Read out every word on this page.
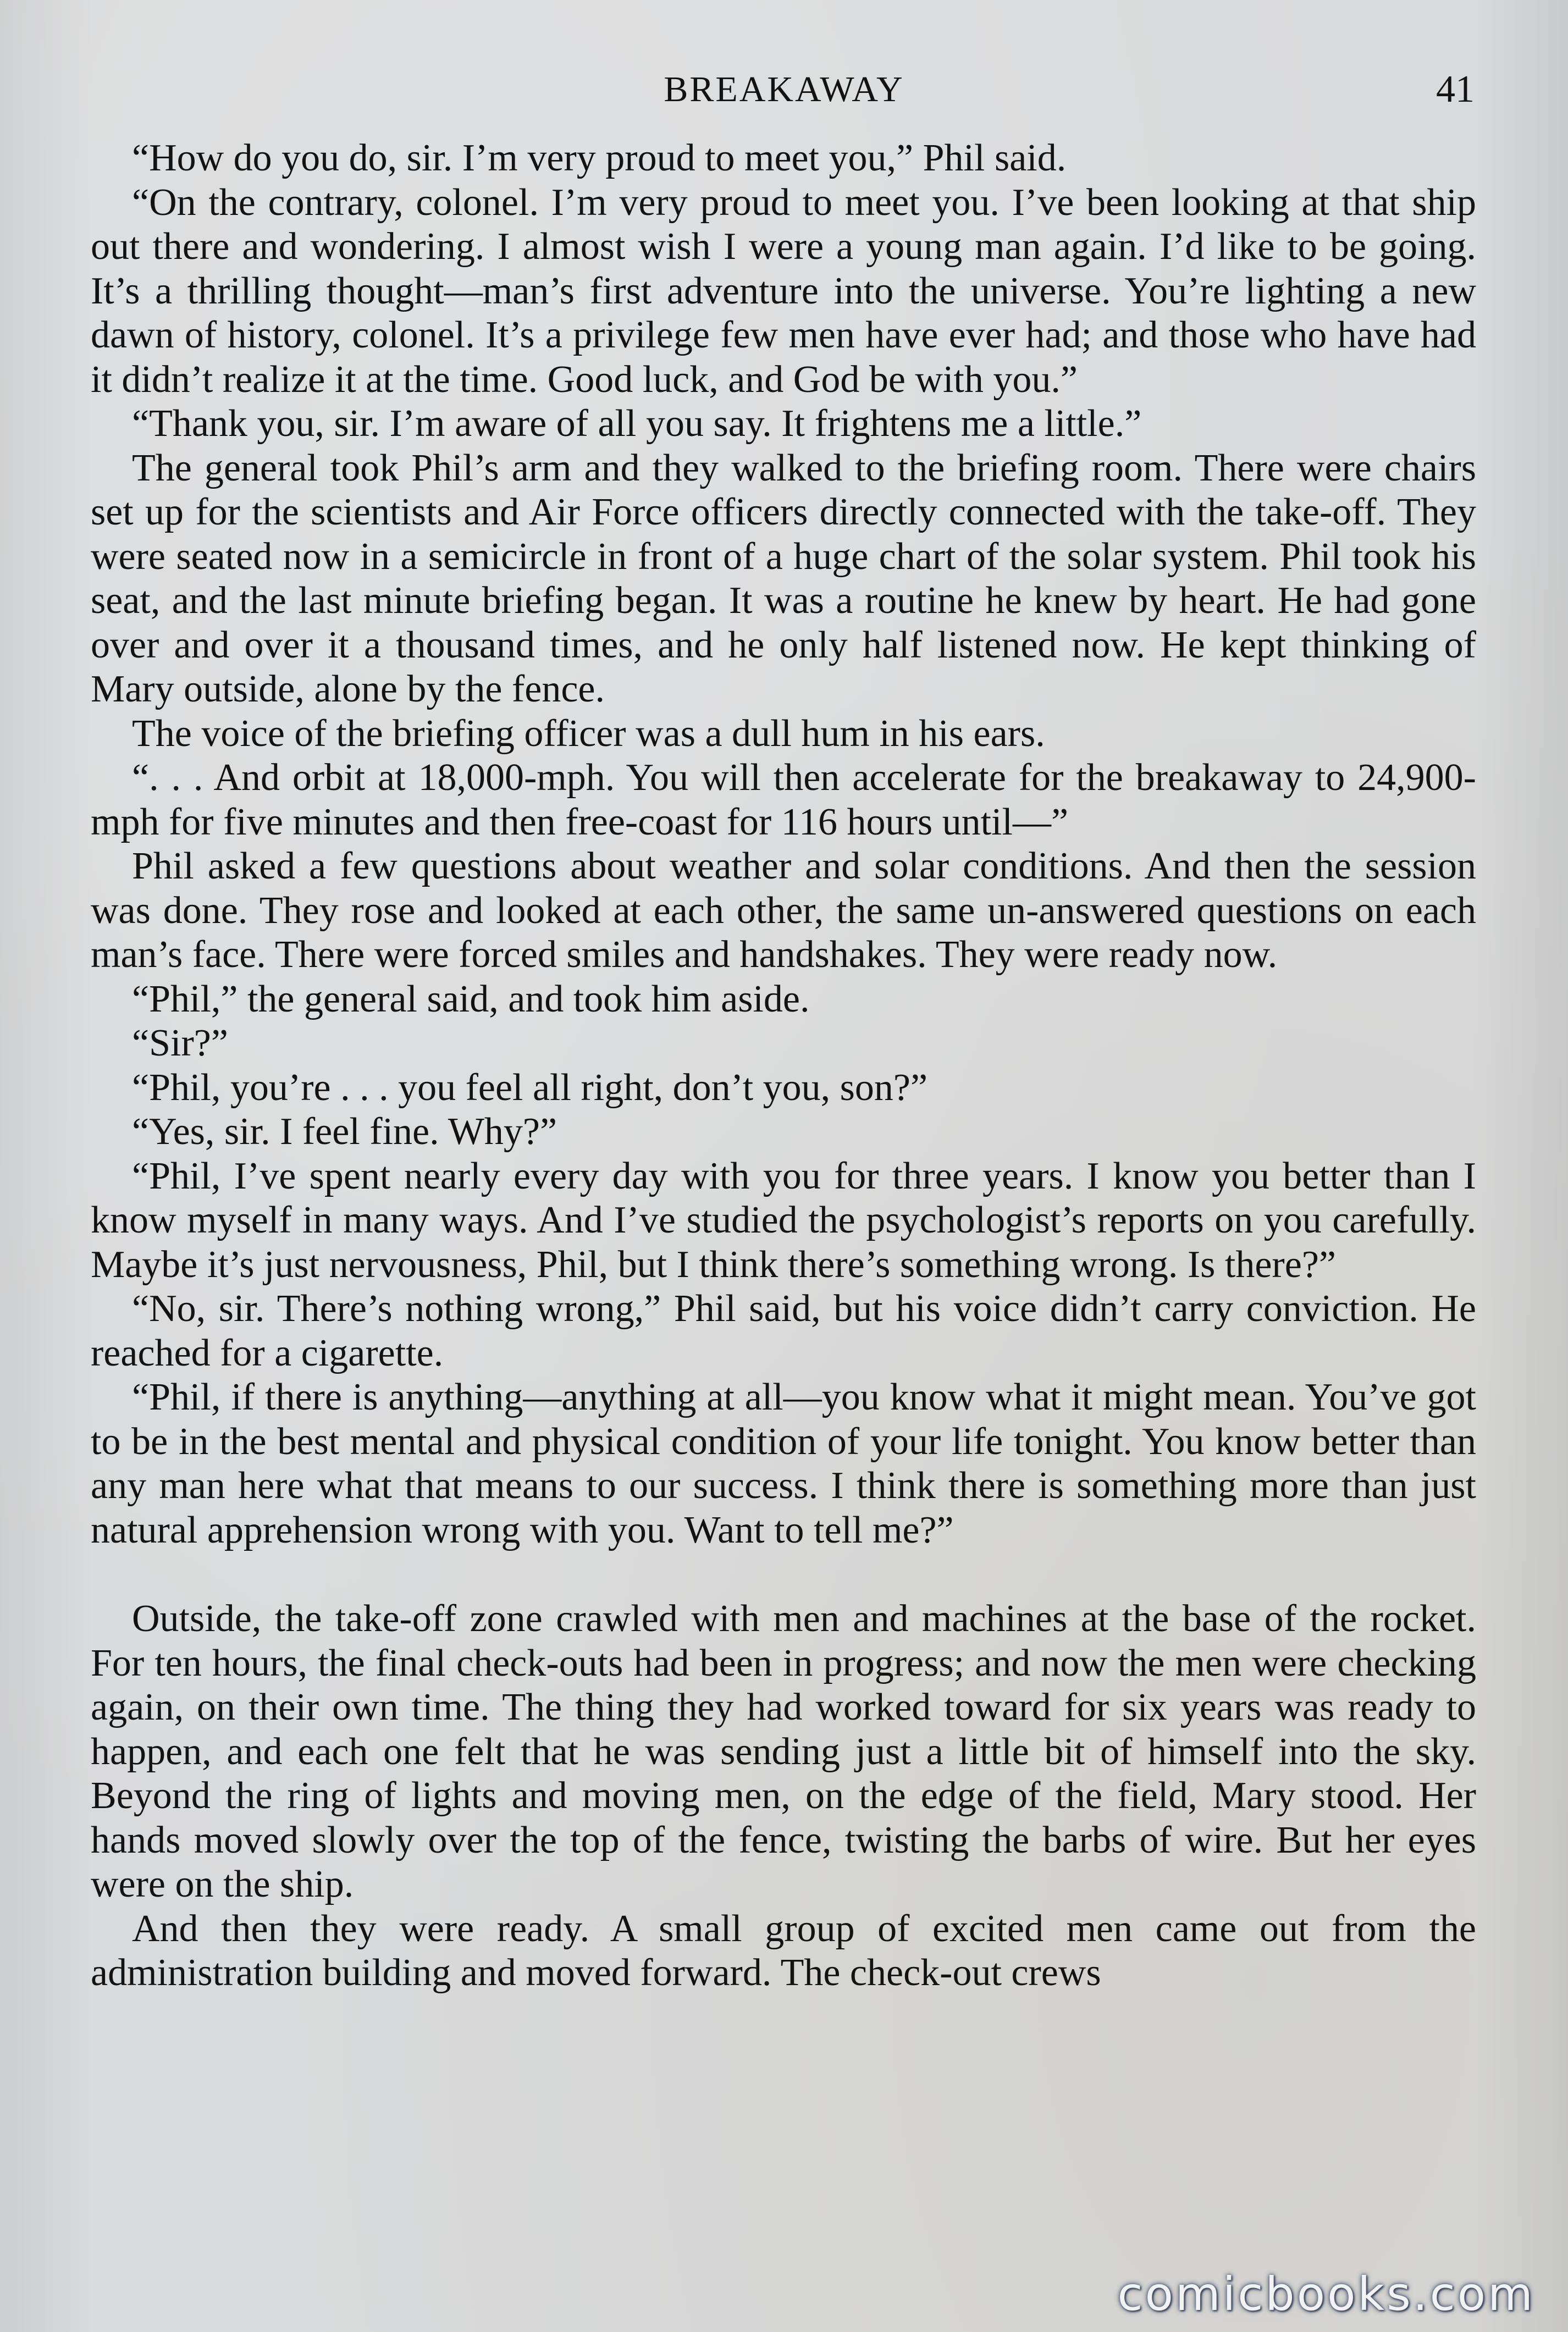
BREAKAWAY	41

“How do you do, sir. I’m very proud to meet you,” Phil said.

“On the contrary, colonel. I’m very proud to meet you. I’ve been looking at that ship out there and wondering. I almost wish I were a young man again. I’d like to be going. It’s a thrilling thought—man’s first adventure into the universe. You’re lighting a new dawn of history, colonel. It’s a privilege few men have ever had; and those who have had it didn’t realize it at the time. Good luck, and God be with you.”

“Thank you, sir. I’m aware of all you say. It frightens me a little.”

The general took Phil’s arm and they walked to the briefing room. There were chairs set up for the scientists and Air Force officers directly connected with the take-off. They were seated now in a semicircle in front of a huge chart of the solar system. Phil took his seat, and the last minute briefing began. It was a routine he knew by heart. He had gone over and over it a thousand times, and he only half listened now. He kept thinking of Mary outside, alone by the fence.

The voice of the briefing officer was a dull hum in his ears.

“. . . And orbit at 18,000-mph. You will then accelerate for the breakaway to 24,900-mph for five minutes and then free-coast for 116 hours until—”

Phil asked a few questions about weather and solar conditions. And then the session was done. They rose and looked at each other, the same un-answered questions on each man’s face. There were forced smiles and handshakes. They were ready now.

“Phil,” the general said, and took him aside.

“Sir?”

“Phil, you’re . . . you feel all right, don’t you, son?”

“Yes, sir. I feel fine. Why?”

“Phil, I’ve spent nearly every day with you for three years. I know you better than I know myself in many ways. And I’ve studied the psychologist’s reports on you carefully. Maybe it’s just nervousness, Phil, but I think there’s something wrong. Is there?”

“No, sir. There’s nothing wrong,” Phil said, but his voice didn’t carry conviction. He reached for a cigarette.

“Phil, if there is anything—anything at all—you know what it might mean. You’ve got to be in the best mental and physical condition of your life tonight. You know better than any man here what that means to our success. I think there is something more than just natural apprehension wrong with you. Want to tell me?”

Outside, the take-off zone crawled with men and machines at the base of the rocket. For ten hours, the final check-outs had been in progress; and now the men were checking again, on their own time. The thing they had worked toward for six years was ready to happen, and each one felt that he was sending just a little bit of himself into the sky. Beyond the ring of lights and moving men, on the edge of the field, Mary stood. Her hands moved slowly over the top of the fence, twisting the barbs of wire. But her eyes were on the ship.

And then they were ready. A small group of excited men came out from the administration building and moved forward. The check-out crews

comicbooks.com
